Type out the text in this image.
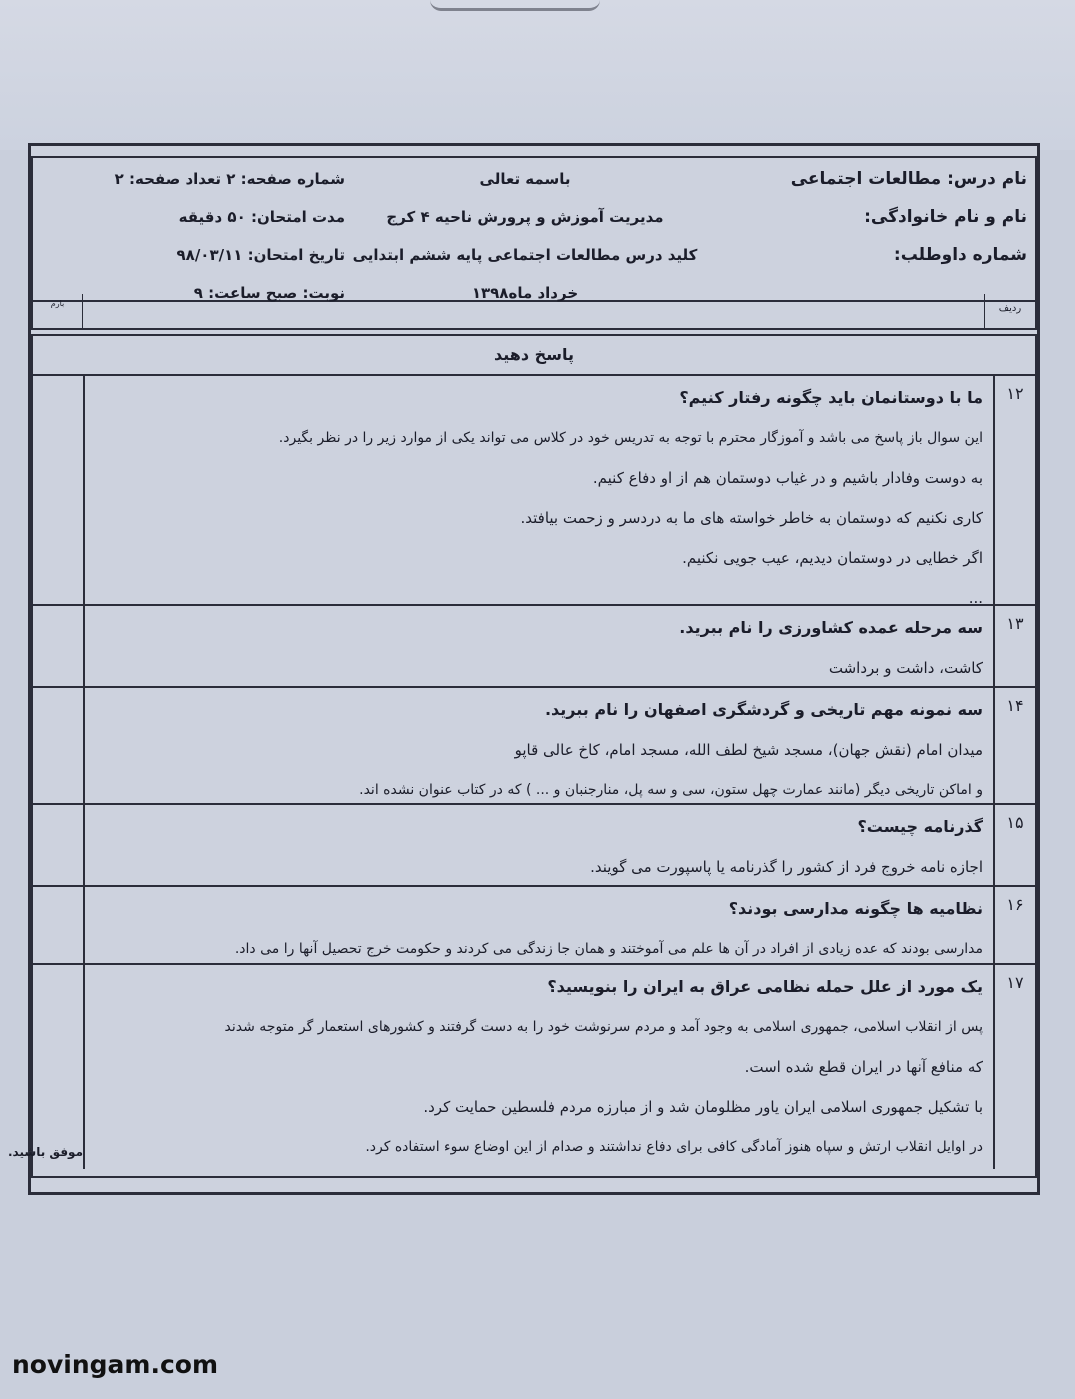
نام درس: مطالعات اجتماعی
نام و نام خانوادگی:
شماره داوطلب:
باسمه تعالی
مدیریت آموزش و پرورش ناحیه ۴ کرج
کلید درس مطالعات اجتماعی پایه ششم ابتدایی
خرداد ماه۱۳۹۸
شماره صفحه: ۲ تعداد صفحه: ۲
مدت امتحان: ۵۰ دقیقه
تاریخ امتحان: ۹۸/۰۳/۱۱
نوبت: صبح ساعت: ۹
ردیف
بارم
پاسخ دهید
۱۲
ما با دوستانمان باید چگونه رفتار کنیم؟
این سوال باز پاسخ می باشد و آموزگار محترم با توجه به تدریس خود در کلاس می تواند یکی از موارد زیر را در نظر بگیرد.
به دوست وفادار باشیم و در غیاب دوستمان هم از او دفاع کنیم.
کاری نکنیم که دوستمان به خاطر خواسته های ما به دردسر و زحمت بیافتد.
اگر خطایی در دوستمان دیدیم، عیب جویی نکنیم.
...
۱۳
سه مرحله عمده کشاورزی را نام ببرید.
کاشت، داشت و برداشت
۱۴
سه نمونه مهم تاریخی و گردشگری اصفهان را نام ببرید.
میدان امام (نقش جهان)، مسجد شیخ لطف الله، مسجد امام، کاخ عالی قاپو
و اماکن تاریخی دیگر (مانند عمارت چهل ستون، سی و سه پل، منارجنبان و ... ) که در کتاب عنوان نشده اند.
۱۵
گذرنامه چیست؟
اجازه نامه خروج فرد از کشور را گذرنامه یا پاسپورت می گویند.
۱۶
نظامیه ها چگونه مدارسی بودند؟
مدارسی بودند که عده زیادی از افراد در آن ها علم می آموختند و همان جا زندگی می کردند و حکومت خرج تحصیل آنها را می داد.
۱۷
یک مورد از علل حمله نظامی عراق به ایران را بنویسید؟
پس از انقلاب اسلامی، جمهوری اسلامی به وجود آمد و مردم سرنوشت خود را به دست گرفتند و کشورهای استعمار گر متوجه شدند
که منافع آنها در ایران قطع شده است.
با تشکیل جمهوری اسلامی ایران یاور مظلومان شد و از مبارزه مردم فلسطین حمایت کرد.
در اوایل انقلاب ارتش و سپاه هنوز آمادگی کافی برای دفاع نداشتند و صدام از این اوضاع سوء استفاده کرد.
موفق باشید.
novingam.com
